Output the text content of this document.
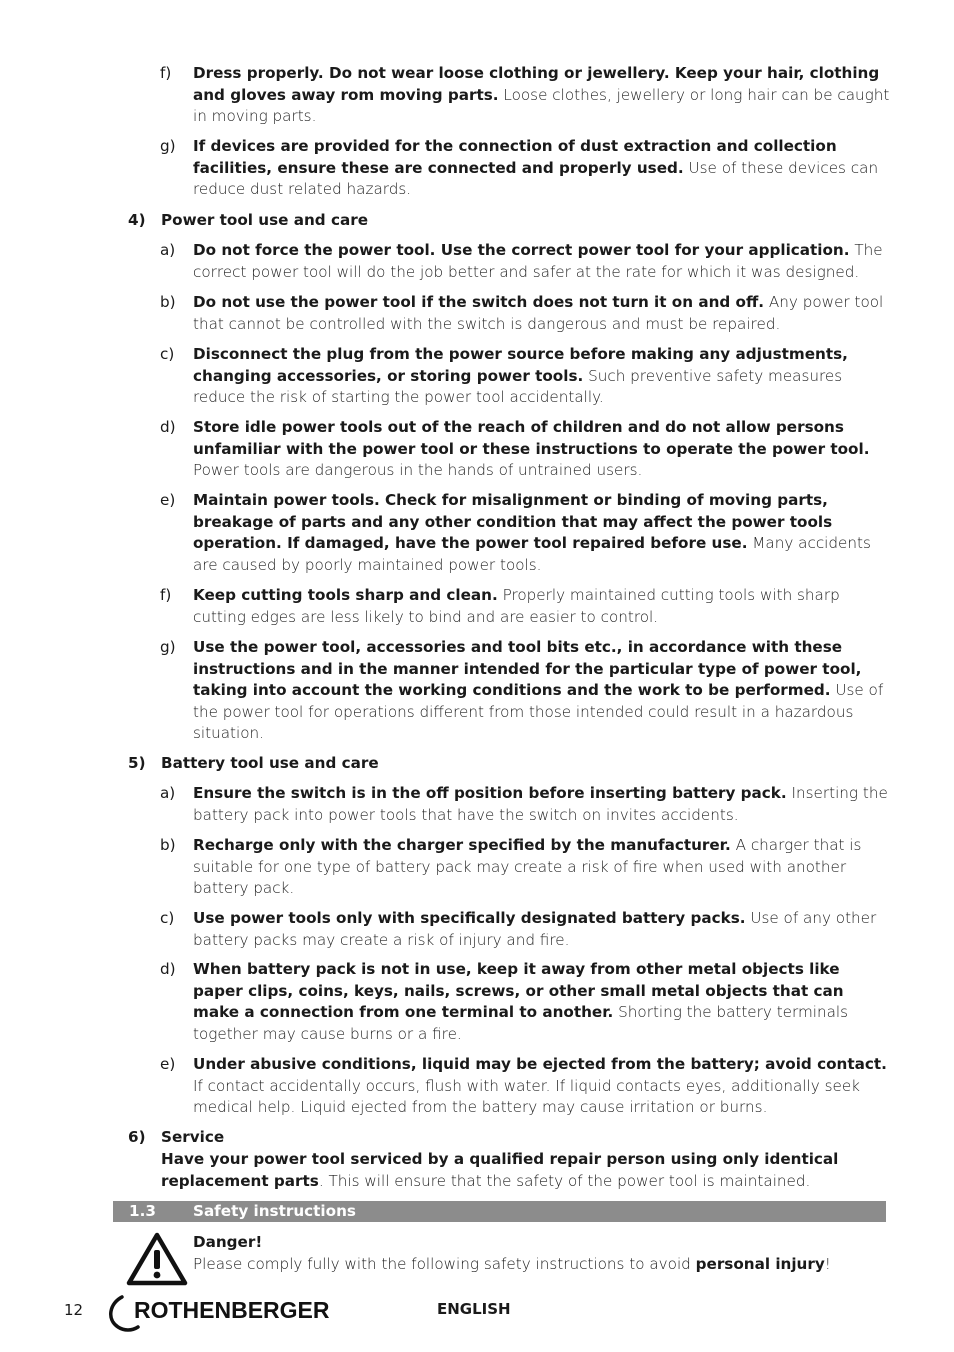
f) Dress properly. Do not wear loose clothing or jewellery. Keep your hair, clothing and gloves away rom moving parts. Loose clothes, jewellery or long hair can be caught in moving parts.
g) If devices are provided for the connection of dust extraction and collection facilities, ensure these are connected and properly used. Use of these devices can reduce dust related hazards.
4) Power tool use and care
a) Do not force the power tool. Use the correct power tool for your application. The correct power tool will do the job better and safer at the rate for which it was designed.
b) Do not use the power tool if the switch does not turn it on and off. Any power tool that cannot be controlled with the switch is dangerous and must be repaired.
c) Disconnect the plug from the power source before making any adjustments, changing accessories, or storing power tools. Such preventive safety measures reduce the risk of starting the power tool accidentally.
d) Store idle power tools out of the reach of children and do not allow persons unfamiliar with the power tool or these instructions to operate the power tool. Power tools are dangerous in the hands of untrained users.
e) Maintain power tools. Check for misalignment or binding of moving parts, breakage of parts and any other condition that may affect the power tools operation. If damaged, have the power tool repaired before use. Many accidents are caused by poorly maintained power tools.
f) Keep cutting tools sharp and clean. Properly maintained cutting tools with sharp cutting edges are less likely to bind and are easier to control.
g) Use the power tool, accessories and tool bits etc., in accordance with these instructions and in the manner intended for the particular type of power tool, taking into account the working conditions and the work to be performed. Use of the power tool for operations different from those intended could result in a hazardous situation.
5) Battery tool use and care
a) Ensure the switch is in the off position before inserting battery pack. Inserting the battery pack into power tools that have the switch on invites accidents.
b) Recharge only with the charger specified by the manufacturer. A charger that is suitable for one type of battery pack may create a risk of fire when used with another battery pack.
c) Use power tools only with specifically designated battery packs. Use of any other battery packs may create a risk of injury and fire.
d) When battery pack is not in use, keep it away from other metal objects like paper clips, coins, keys, nails, screws, or other small metal objects that can make a connection from one terminal to another. Shorting the battery terminals together may cause burns or a fire.
e) Under abusive conditions, liquid may be ejected from the battery; avoid contact. If contact accidentally occurs, flush with water. If liquid contacts eyes, additionally seek medical help. Liquid ejected from the battery may cause irritation or burns.
6) Service
Have your power tool serviced by a qualified repair person using only identical replacement parts. This will ensure that the safety of the power tool is maintained.
1.3 Safety instructions
Danger!
Please comply fully with the following safety instructions to avoid personal injury!
12 ROTHENBERGER	ENGLISH
